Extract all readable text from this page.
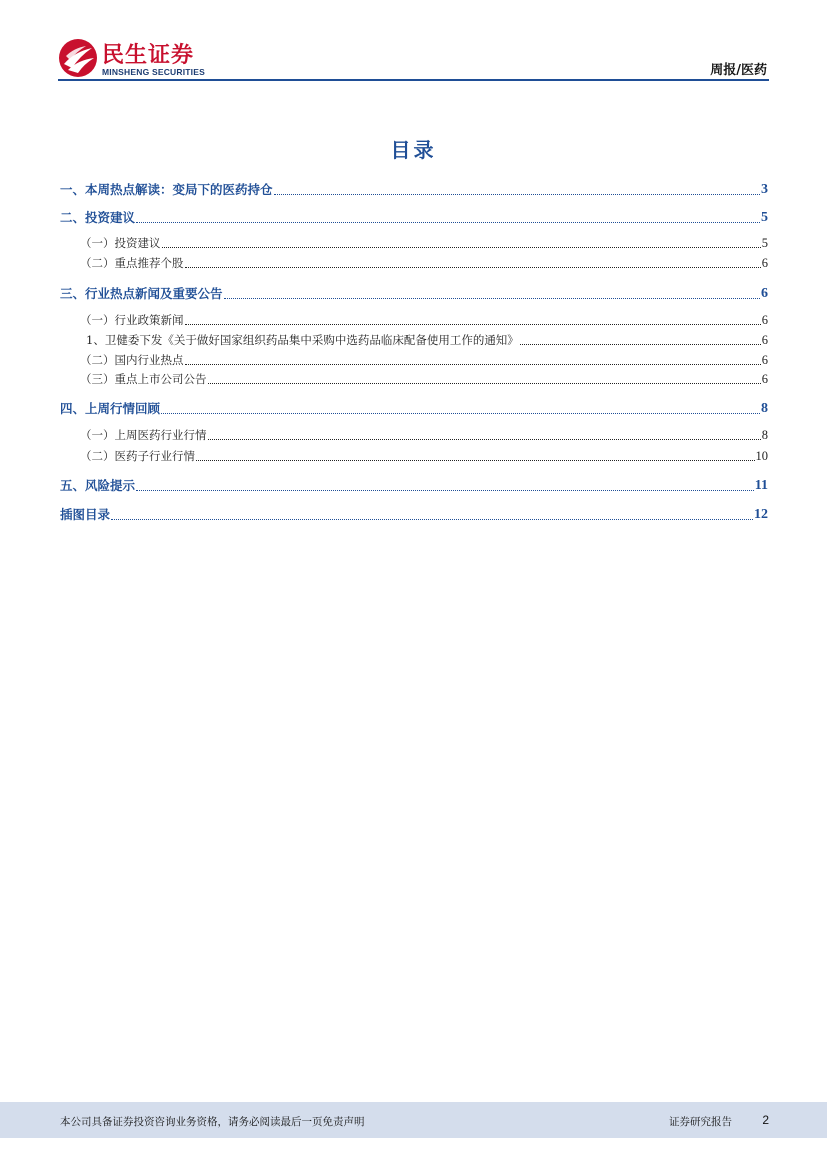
民生证券
MINSHENG SECURITIES	周报/医药
目录
一、本周热点解读：变局下的医药持仓	3
二、投资建议	5
（一）投资建议	5
（二）重点推荐个股	6
三、行业热点新闻及重要公告	6
（一）行业政策新闻	6
1、卫健委下发《关于做好国家组织药品集中采购中选药品临床配备使用工作的通知》	6
（二）国内行业热点	6
（三）重点上市公司公告	6
四、上周行情回顾	8
（一）上周医药行业行情	8
（二）医药子行业行情	10
五、风险提示	11
插图目录	12
本公司具备证券投资咨询业务资格，请务必阅读最后一页免责声明	证券研究报告	2
